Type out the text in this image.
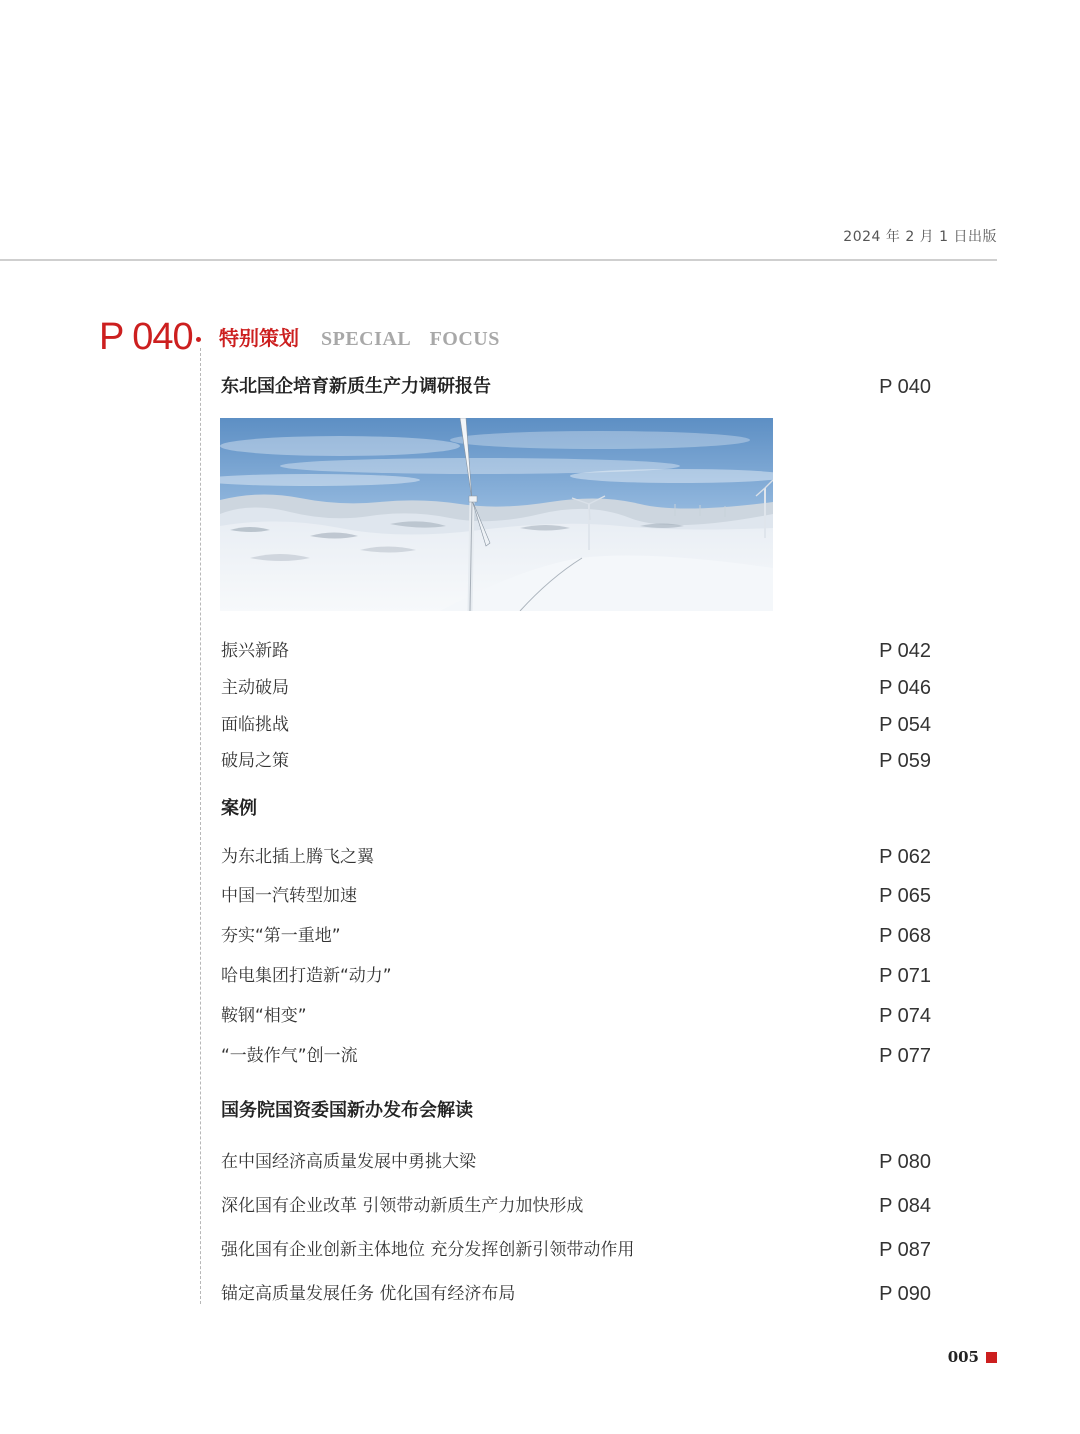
2024 年 2 月 1 日出版
P 040 特别策划 SPECIAL FOCUS
东北国企培育新质生产力调研报告	P 040
振兴新路	P 042
主动破局	P 046
面临挑战	P 054
破局之策	P 059
案例
为东北插上腾飞之翼	P 062
中国一汽转型加速	P 065
夯实“第一重地”	P 068
哈电集团打造新“动力”	P 071
鞍钢“相变”	P 074
“一鼓作气”创一流	P 077
国务院国资委国新办发布会解读
在中国经济高质量发展中勇挑大梁	P 080
深化国有企业改革 引领带动新质生产力加快形成	P 084
强化国有企业创新主体地位 充分发挥创新引领带动作用	P 087
锚定高质量发展任务 优化国有经济布局	P 090
005
